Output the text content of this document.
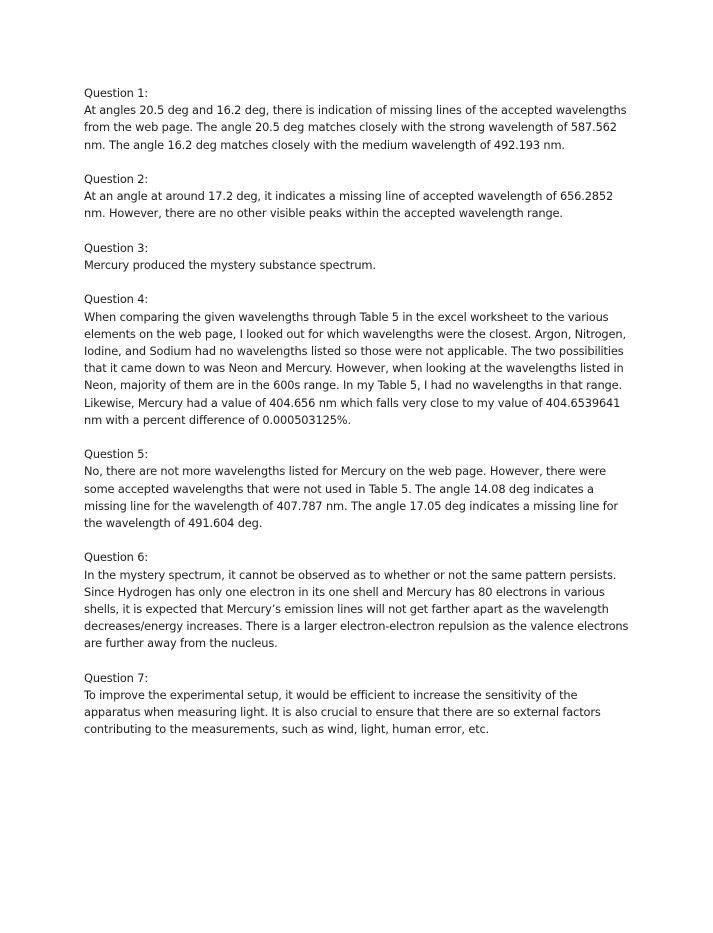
Question 1:
At angles 20.5 deg and 16.2 deg, there is indication of missing lines of the accepted wavelengths from the web page. The angle 20.5 deg matches closely with the strong wavelength of 587.562 nm. The angle 16.2 deg matches closely with the medium wavelength of 492.193 nm.
Question 2:
At an angle at around 17.2 deg, it indicates a missing line of accepted wavelength of 656.2852 nm. However, there are no other visible peaks within the accepted wavelength range.
Question 3:
Mercury produced the mystery substance spectrum.
Question 4:
When comparing the given wavelengths through Table 5 in the excel worksheet to the various elements on the web page, I looked out for which wavelengths were the closest. Argon, Nitrogen, Iodine, and Sodium had no wavelengths listed so those were not applicable. The two possibilities that it came down to was Neon and Mercury. However, when looking at the wavelengths listed in Neon, majority of them are in the 600s range. In my Table 5, I had no wavelengths in that range. Likewise, Mercury had a value of 404.656 nm which falls very close to my value of 404.6539641 nm with a percent difference of 0.000503125%.
Question 5:
No, there are not more wavelengths listed for Mercury on the web page. However, there were some accepted wavelengths that were not used in Table 5. The angle 14.08 deg indicates a missing line for the wavelength of 407.787 nm. The angle 17.05 deg indicates a missing line for the wavelength of 491.604 deg.
Question 6:
In the mystery spectrum, it cannot be observed as to whether or not the same pattern persists. Since Hydrogen has only one electron in its one shell and Mercury has 80 electrons in various shells, it is expected that Mercury’s emission lines will not get farther apart as the wavelength decreases/energy increases. There is a larger electron-electron repulsion as the valence electrons are further away from the nucleus.
Question 7:
To improve the experimental setup, it would be efficient to increase the sensitivity of the apparatus when measuring light. It is also crucial to ensure that there are so external factors contributing to the measurements, such as wind, light, human error, etc.
